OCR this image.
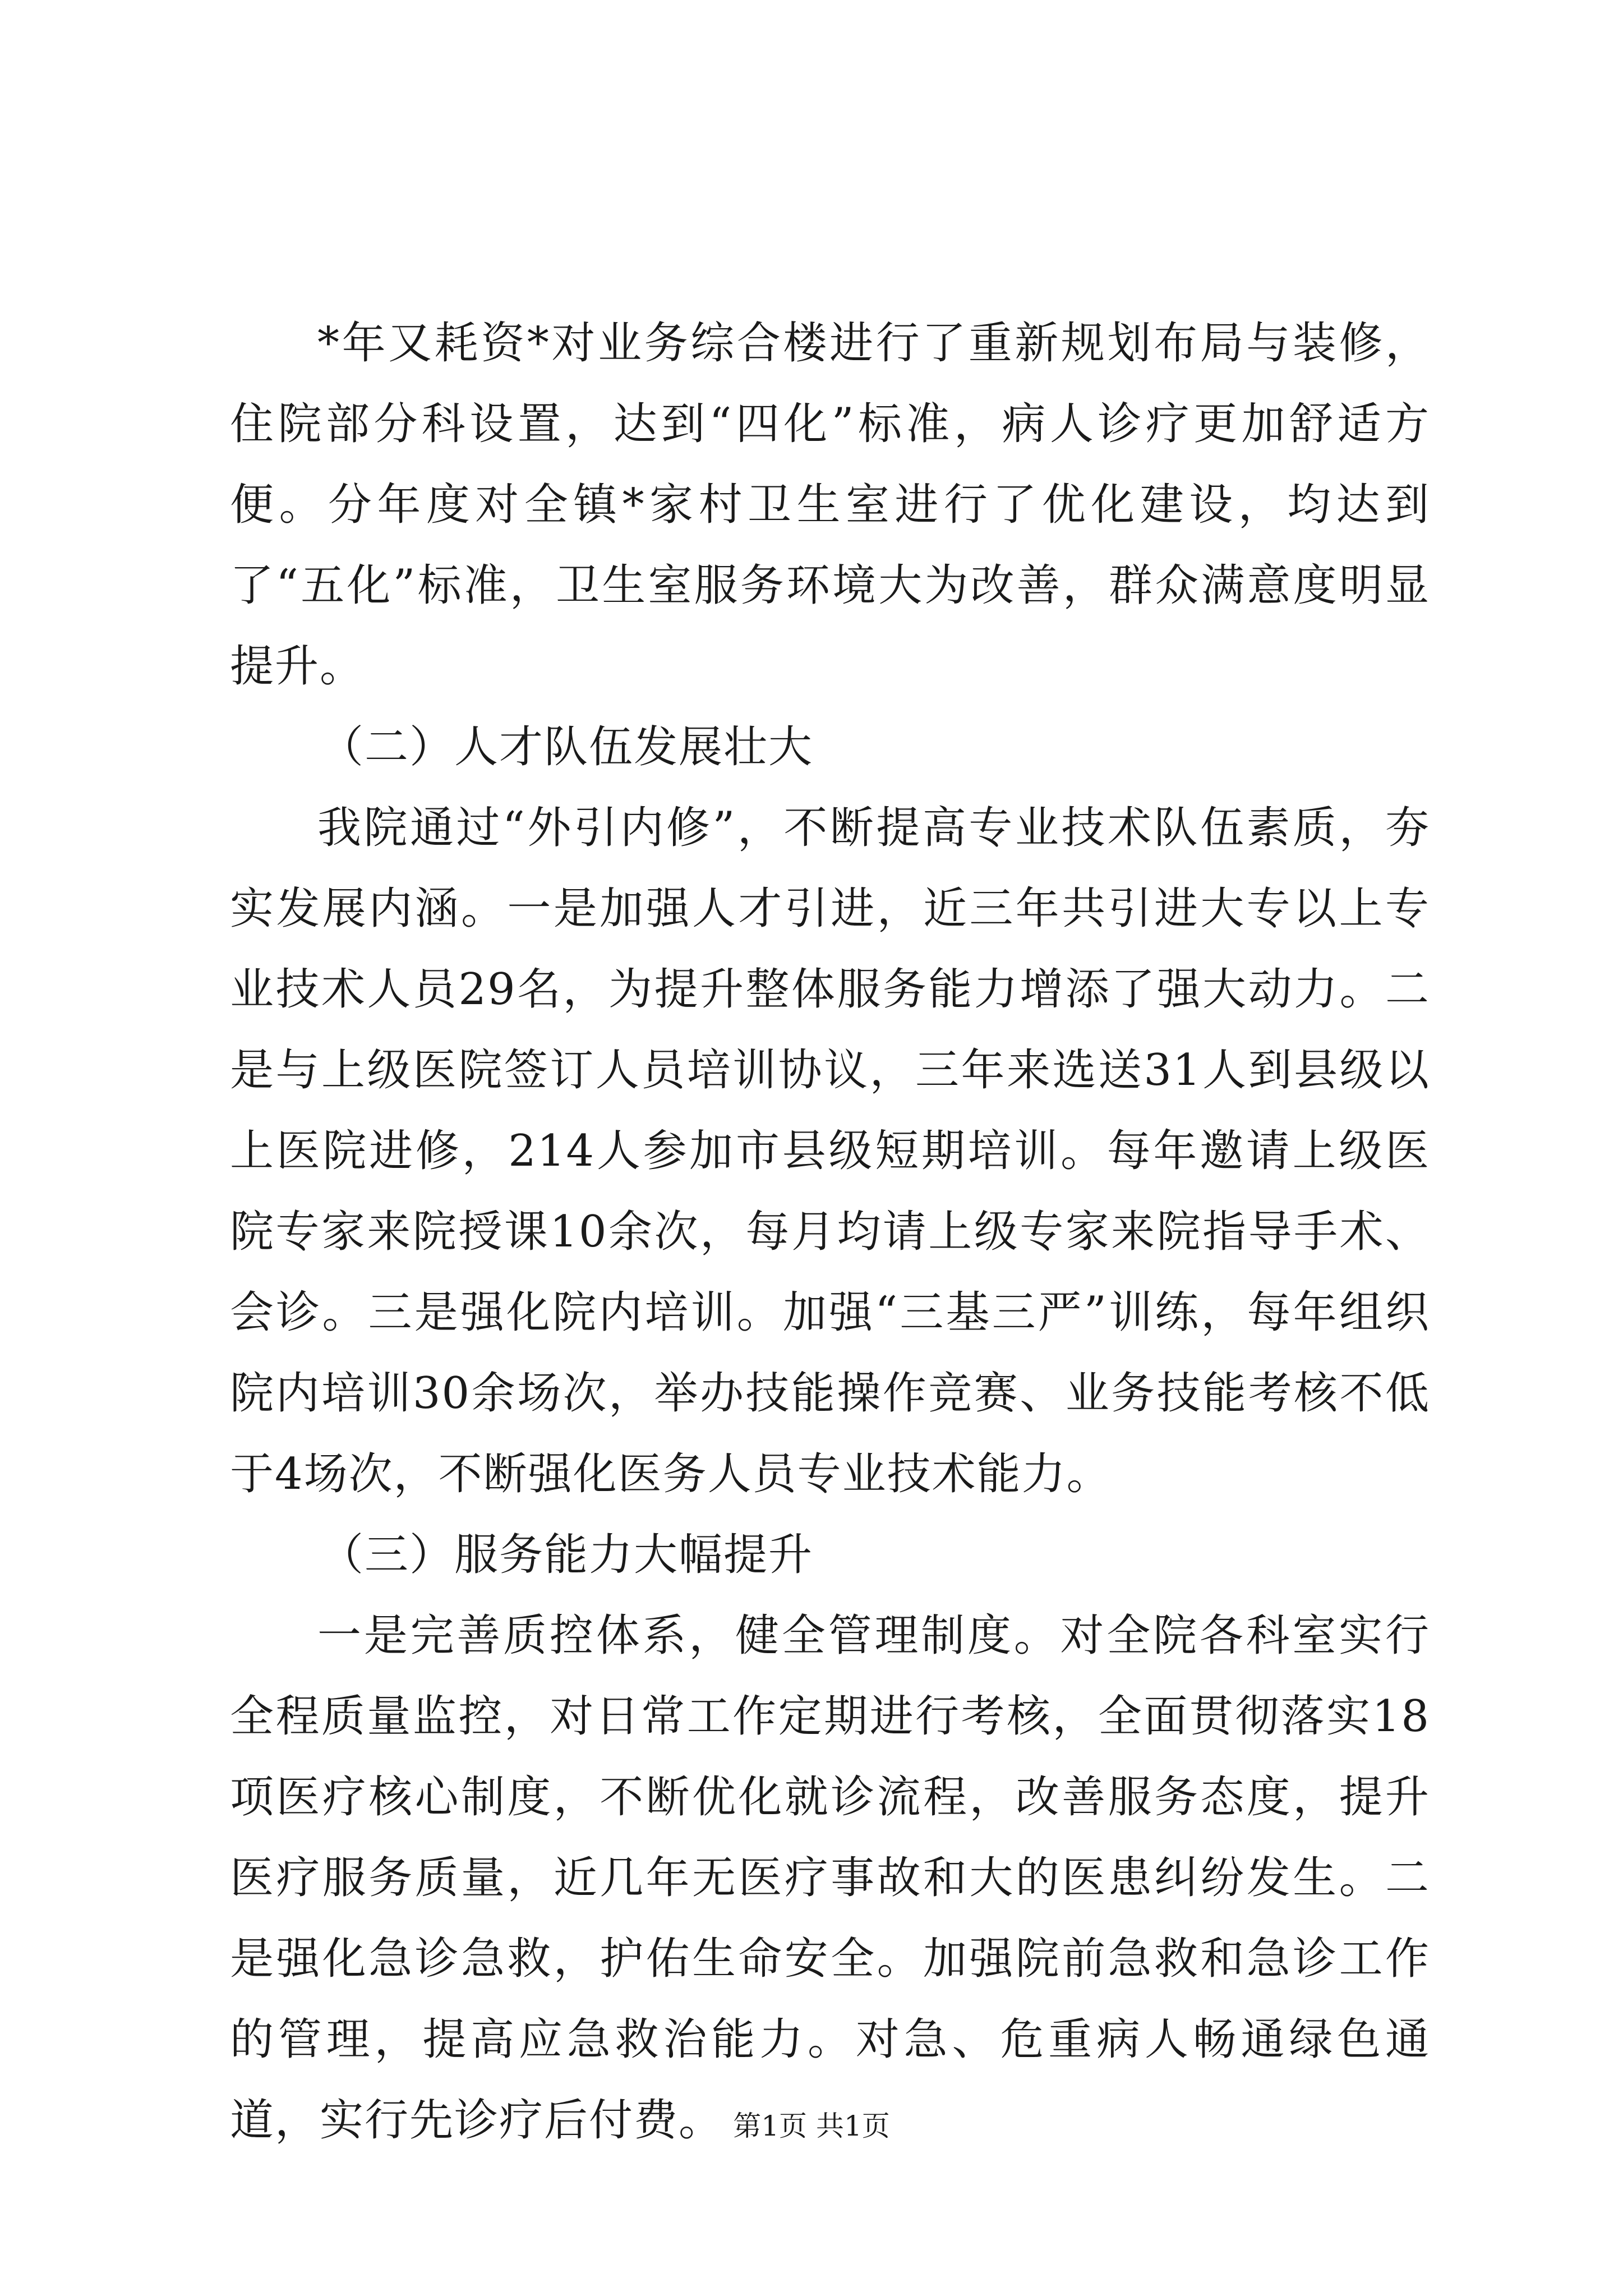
*年又耗资*对业务综合楼进行了重新规划布局与装修，住院部分科设置，达到“四化”标准，病人诊疗更加舒适方便。分年度对全镇*家村卫生室进行了优化建设，均达到了“五化”标准，卫生室服务环境大为改善，群众满意度明显提升。

（二）人才队伍发展壮大

我院通过“外引内修”，不断提高专业技术队伍素质，夯实发展内涵。一是加强人才引进，近三年共引进大专以上专业技术人员29名，为提升整体服务能力增添了强大动力。二是与上级医院签订人员培训协议，三年来选送31人到县级以上医院进修，214人参加市县级短期培训。每年邀请上级医院专家来院授课10余次，每月均请上级专家来院指导手术、会诊。三是强化院内培训。加强“三基三严”训练，每年组织院内培训30余场次，举办技能操作竞赛、业务技能考核不低于4场次，不断强化医务人员专业技术能力。

（三）服务能力大幅提升

一是完善质控体系，健全管理制度。对全院各科室实行全程质量监控，对日常工作定期进行考核，全面贯彻落实18项医疗核心制度，不断优化就诊流程，改善服务态度，提升医疗服务质量，近几年无医疗事故和大的医患纠纷发生。二是强化急诊急救，护佑生命安全。加强院前急救和急诊工作的管理，提高应急救治能力。对急、危重病人畅通绿色通道，实行先诊疗后付费。 第1页 共1页
